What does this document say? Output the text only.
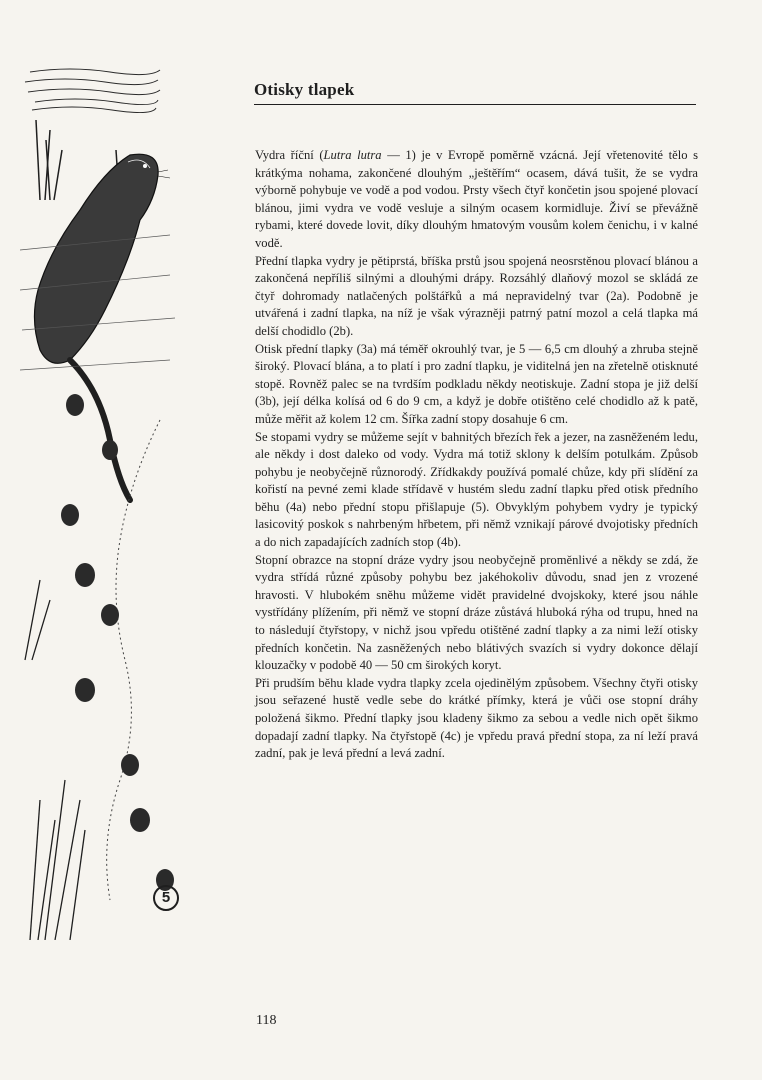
5
Otisky tlapek

Vydra říční (Lutra lutra — 1) je v Evropě poměrně vzácná. Její vřetenovité tělo s krátkýma nohama, zakončené dlouhým „ještěřím“ ocasem, dává tušit, že se vydra výborně pohybuje ve vodě a pod vodou. Prsty všech čtyř končetin jsou spojené plovací blánou, jimi vydra ve vodě vesluje a silným ocasem kormidluje. Živí se převážně rybami, které dovede lovit, díky dlouhým hmatovým vousům kolem čenichu, i v kalné vodě.

Přední tlapka vydry je pětiprstá, bříška prstů jsou spojená neosrstěnou plovací blánou a zakončená nepříliš silnými a dlouhými drápy. Rozsáhlý dlaňový mozol se skládá ze čtyř dohromady natlačených polštářků a má nepravidelný tvar (2a). Podobně je utvářená i zadní tlapka, na níž je však výrazněji patrný patní mozol a celá tlapka má delší chodidlo (2b).

Otisk přední tlapky (3a) má téměř okrouhlý tvar, je 5 — 6,5 cm dlouhý a zhruba stejně široký. Plovací blána, a to platí i pro zadní tlapku, je viditelná jen na zřetelně otisknuté stopě. Rovněž palec se na tvrdším podkladu někdy neotiskuje. Zadní stopa je již delší (3b), její délka kolísá od 6 do 9 cm, a když je dobře otištěno celé chodidlo až k patě, může měřit až kolem 12 cm. Šířka zadní stopy dosahuje 6 cm.

Se stopami vydry se můžeme sejít v bahnitých březích řek a jezer, na zasněženém ledu, ale někdy i dost daleko od vody. Vydra má totiž sklony k delším potulkám. Způsob pohybu je neobyčejně různorodý. Zřídkakdy používá pomalé chůze, kdy při slídění za kořistí na pevné zemi klade střídavě v hustém sledu zadní tlapku před otisk předního běhu (4a) nebo přední stopu přišlapuje (5). Obvyklým pohybem vydry je typický lasicovitý poskok s nahrbeným hřbetem, při němž vznikají párové dvojotisky předních a do nich zapadajících zadních stop (4b).

Stopní obrazce na stopní dráze vydry jsou neobyčejně proměnlivé a někdy se zdá, že vydra střídá různé způsoby pohybu bez jakéhokoliv důvodu, snad jen z vrozené hravosti. V hlubokém sněhu můžeme vidět pravidelné dvojskoky, které jsou náhle vystřídány plížením, při němž ve stopní dráze zůstává hluboká rýha od trupu, hned na to následují čtyřstopy, v nichž jsou vpředu otištěné zadní tlapky a za nimi leží otisky předních končetin. Na zasněžených nebo blátivých svazích si vydry dokonce dělají klouzačky v podobě 40 — 50 cm širokých koryt.

Při prudším běhu klade vydra tlapky zcela ojedinělým způsobem. Všechny čtyři otisky jsou seřazené hustě vedle sebe do krátké přímky, která je vůči ose stopní dráhy položená šikmo. Přední tlapky jsou kladeny šikmo za sebou a vedle nich opět šikmo dopadají zadní tlapky. Na čtyřstopě (4c) je vpředu pravá přední stopa, za ní leží pravá zadní, pak je levá přední a levá zadní.

118
